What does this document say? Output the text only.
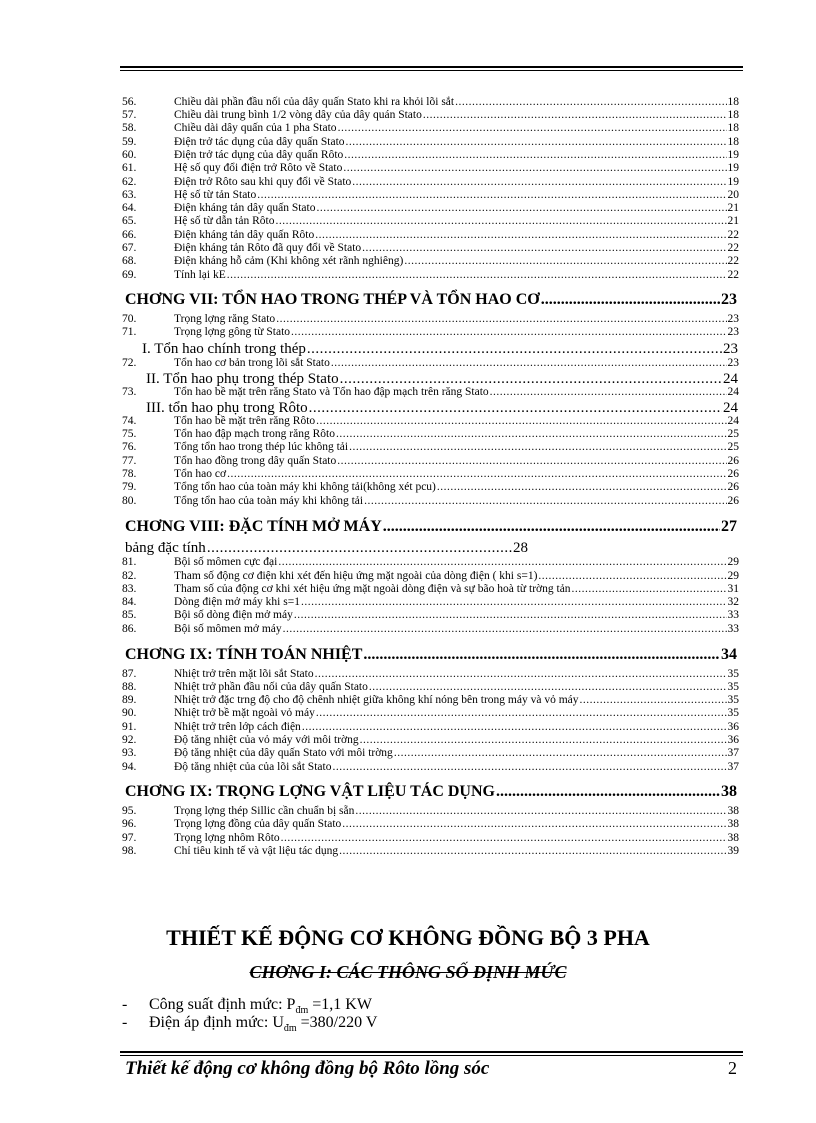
56.	Chiều dài phần đầu nối của dây quấn Stato khi ra khỏi lõi sắt .....	18
57.	Chiều dài trung bình 1/2 vòng dây của dây quán Stato .....	18
58.	Chiều dài dây quấn của 1 pha Stato .....	18
59.	Điện trở tác dụng của dây quấn Stato .....	18
60.	Điện trở tác dụng của dây quấn Rôto .....	19
61.	Hệ số quy đổi điện trở Rôto về Stato .....	19
62.	Điện trở Rôto sau khi quy đổi về Stato .....	19
63.	Hệ số từ tản Stato .....	20
64.	Điện kháng tản dây quấn Stato .....	21
65.	Hệ số từ dẫn tản Rôto .....	21
66.	Điện kháng tản dây quấn Rôto .....	22
67.	Điện kháng tản Rôto đã quy đổi về Stato .....	22
68.	Điện kháng hỗ cảm (Khi không xét rãnh nghiêng) .....	22
69.	Tính lại kE .....	22
CHƠNG VII: TỔN HAO TRONG THÉP VÀ TỔN HAO CƠ .....	23
70.	Trọng lợng răng Stato .....	23
71.	Trọng lợng gông từ Stato .....	23
I. Tổn hao chính trong thép .....	23
72.	Tổn hao cơ bản trong lõi sắt Stato .....	23
II. Tổn hao phụ trong thép Stato .....	24
73.	Tổn hao bề mặt trên răng Stato và Tổn hao đập mạch trên răng Stato .....	24
III. tổn hao phụ trong Rôto .....	24
74.	Tổn hao bề mặt trên răng Rôto .....	24
75.	Tổn hao đập mạch trong răng Rôto .....	25
76.	Tổng tổn hao trong thép lúc không tải .....	25
77.	Tổn hao đồng trong dây quấn Stato .....	26
78.	Tổn hao cơ .....	26
79.	Tổng tổn hao của toàn máy khi không tải(không xét pcu) .....	26
80.	Tổng tổn hao của toàn máy khi không tải .....	26
CHƠNG VIII: ĐẶC TÍNH MỞ MÁY .....	27
bảng đặc tính .....	28
81.	Bội số mômen cực đại .....	29
82.	Tham số động cơ điện khi xét đến hiệu ứng mặt ngoài của dòng điện ( khi s=1) .....	29
83.	Tham số của động cơ khi xét hiệu ứng mặt ngoài dòng điện và sự bão hoà từ trờng tản .....	31
84.	Dòng điện mở máy khi s=1 .....	32
85.	Bội số dòng điện mở máy .....	33
86.	Bội số mômen mở máy .....	33
CHƠNG IX: TÍNH TOÁN NHIỆT .....	34
87.	Nhiệt trở trên mặt lõi sắt Stato .....	35
88.	Nhiệt trở phần đầu nối của dây quấn Stato .....	35
89.	Nhiệt trở đặc trng độ cho độ chênh nhiệt giữa không khí nóng bên trong máy và vỏ máy .....	35
90.	Nhiệt trở bề mặt ngoài vỏ máy .....	35
91.	Nhiệt trở trên lớp cách điện .....	36
92.	Độ tăng nhiệt của vỏ máy với môi trờng .....	36
93.	Độ tăng nhiệt của dây quấn Stato với môi trờng .....	37
94.	Độ tăng nhiệt của của lõi sắt Stato .....	37
CHƠNG IX: TRỌNG LỢNG VẬT LIỆU TÁC DỤNG .....	38
95.	Trọng lợng thép Sillic cần chuẩn bị sẵn .....	38
96.	Trọng lợng đồng của dây quấn Stato .....	38
97.	Trọng lợng nhôm Rôto .....	38
98.	Chỉ tiêu kinh tế và vật liệu tác dụng .....	39
THIẾT KẾ ĐỘNG CƠ KHÔNG ĐỒNG BỘ 3 PHA
CHƠNG I: CÁC THÔNG SỐ ĐỊNH MỨC
- Công suất định mức: $P_{đm} =1,1$ KW
- Điện áp định mức: $U_{đm} =380/220$ V
Thiết kế động cơ không đồng bộ Rôto lồng sóc	2
